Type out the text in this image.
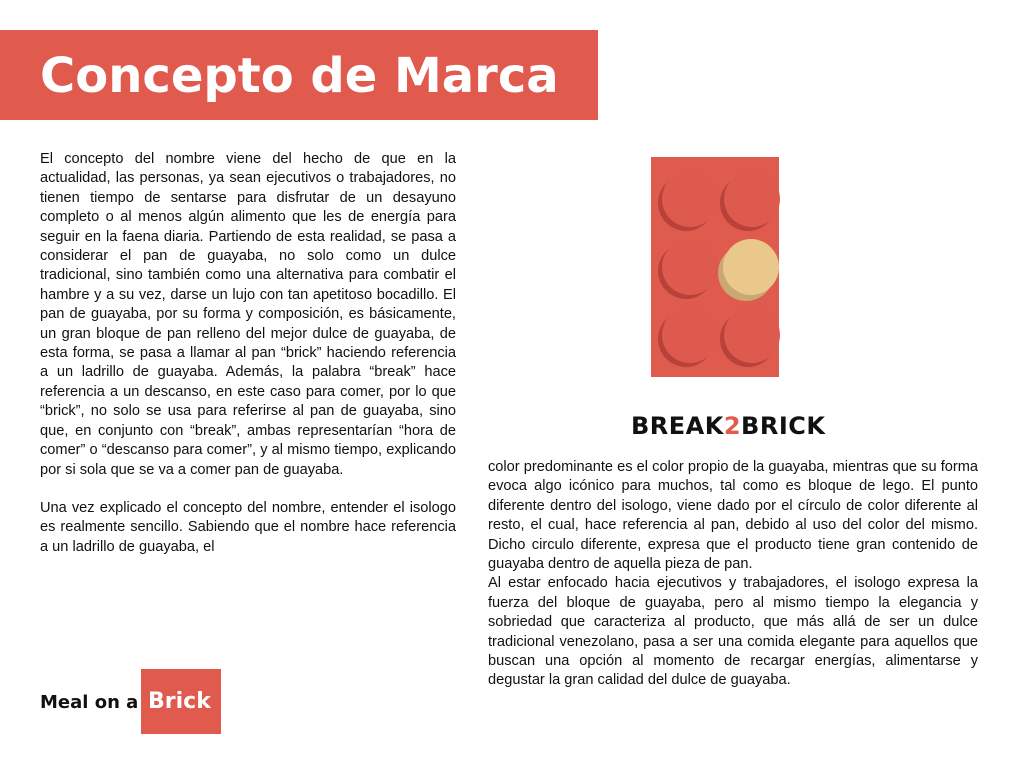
Concepto de Marca

El concepto del nombre viene del hecho de que en la actualidad, las personas, ya sean ejecutivos o trabajadores, no tienen tiempo de sentarse para disfrutar de un desayuno completo o al menos algún alimento que les de energía para seguir en la faena diaria. Partiendo de esta realidad, se pasa a considerar el pan de guayaba, no solo como un dulce tradicional, sino también como una alternativa para combatir el hambre y a su vez, darse un lujo con tan apetitoso bocadillo. El pan de guayaba, por su forma y composición, es básicamente, un gran bloque de pan relleno del mejor dulce de guayaba, de esta forma, se pasa a llamar al pan “brick” haciendo referencia a un ladrillo de guayaba. Además, la palabra “break” hace referencia a un descanso, en este caso para comer, por lo que “brick”, no solo se usa para referirse al pan de guayaba, sino que, en conjunto con “break”, ambas representarían “hora de comer” o “descanso para comer”, y al mismo tiempo, explicando por si sola que se va a comer pan de guayaba.

Una vez explicado el concepto del nombre, entender el isologo es realmente sencillo. Sabiendo que el nombre hace referencia a un ladrillo de guayaba, el

BREAK2BRICK

color predominante es el color propio de la guayaba, mientras que su forma evoca algo icónico para muchos, tal como es bloque de lego. El punto diferente dentro del isologo, viene dado por el círculo de color diferente al resto, el cual, hace referencia al pan, debido al uso del color del mismo. Dicho circulo diferente, expresa que el producto tiene gran contenido de guayaba dentro de aquella pieza de pan.

Al estar enfocado hacia ejecutivos y trabajadores, el isologo expresa la fuerza del bloque de guayaba, pero al mismo tiempo la elegancia y sobriedad que caracteriza al producto, que más allá de ser un dulce tradicional venezolano, pasa a ser una comida elegante para aquellos que buscan una opción al momento de recargar energías, alimentarse y degustar la gran calidad del dulce de guayaba.

Meal on a Brick
